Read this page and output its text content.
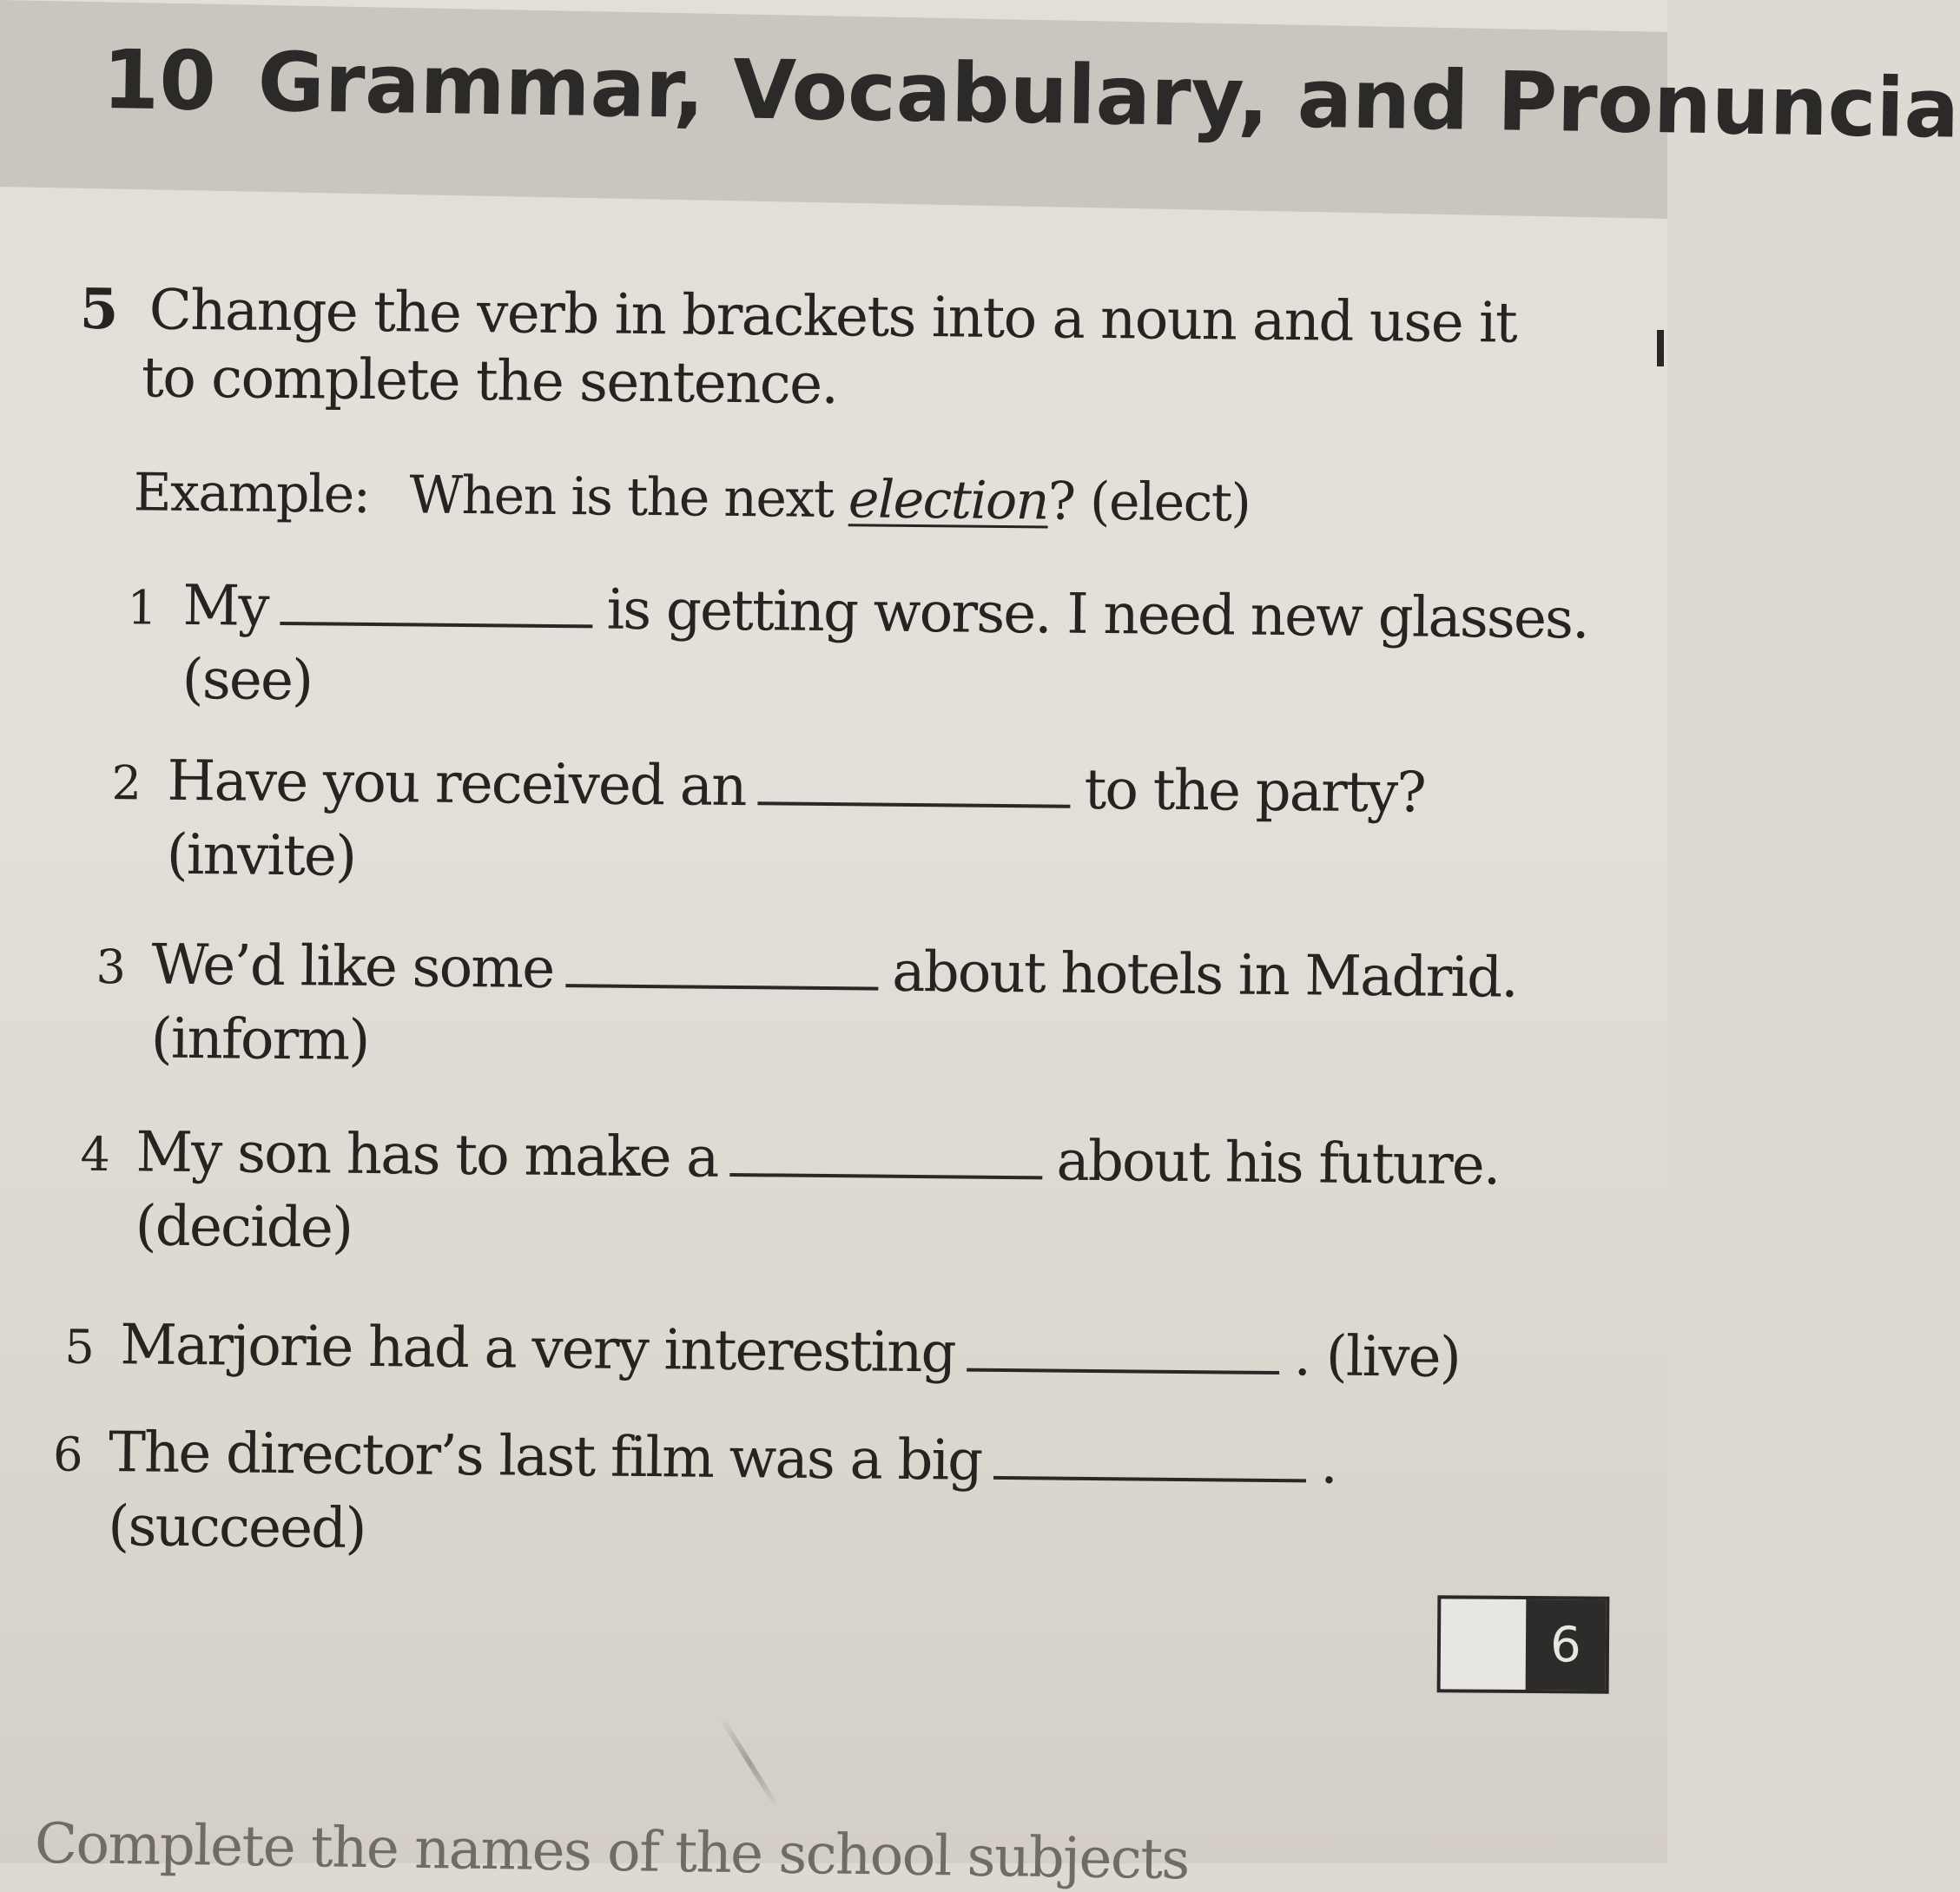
10 Grammar, Vocabulary, and Pronuncia
5 Change the verb in brackets into a noun and use it
to complete the sentence.
Example: When is the next election? (elect)
1 My	is getting worse. I need new glasses.
(see)
2 Have you received an	to the party?
(invite)
3 We’d like some	about hotels in Madrid.
(inform)
4 My son has to make a	about his future.
(decide)
5 Marjorie had a very interesting	. (live)
6 The director’s last film was a big	.
(succeed)
6
Complete the names of the school subjects
